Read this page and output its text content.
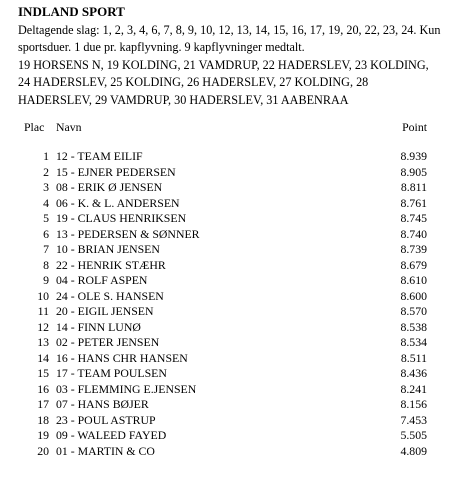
INDLAND SPORT
Deltagende slag: 1, 2, 3, 4, 6, 7, 8, 9, 10, 12, 13, 14, 15, 16, 17, 19, 20, 22, 23, 24. Kun
sportsduer. 1 due pr. kapflyvning. 9 kapflyvninger medtalt.
19 HORSENS N, 19 KOLDING, 21 VAMDRUP, 22 HADERSLEV, 23 KOLDING,
24 HADERSLEV, 25 KOLDING, 26 HADERSLEV, 27 KOLDING, 28
HADERSLEV, 29 VAMDRUP, 30 HADERSLEV, 31 AABENRAA
Plac Navn	Point
1 12 - TEAM EILIF	8.939
2 15 - EJNER PEDERSEN	8.905
3 08 - ERIK Ø JENSEN	8.811
4 06 - K. & L. ANDERSEN	8.761
5 19 - CLAUS HENRIKSEN	8.745
6 13 - PEDERSEN & SØNNER	8.740
7 10 - BRIAN JENSEN	8.739
8 22 - HENRIK STÆHR	8.679
9 04 - ROLF ASPEN	8.610
10 24 - OLE S. HANSEN	8.600
11 20 - EIGIL JENSEN	8.570
12 14 - FINN LUNØ	8.538
13 02 - PETER JENSEN	8.534
14 16 - HANS CHR HANSEN	8.511
15 17 - TEAM POULSEN	8.436
16 03 - FLEMMING E.JENSEN	8.241
17 07 - HANS BØJER	8.156
18 23 - POUL ASTRUP	7.453
19 09 - WALEED FAYED	5.505
20 01 - MARTIN & CO	4.809
